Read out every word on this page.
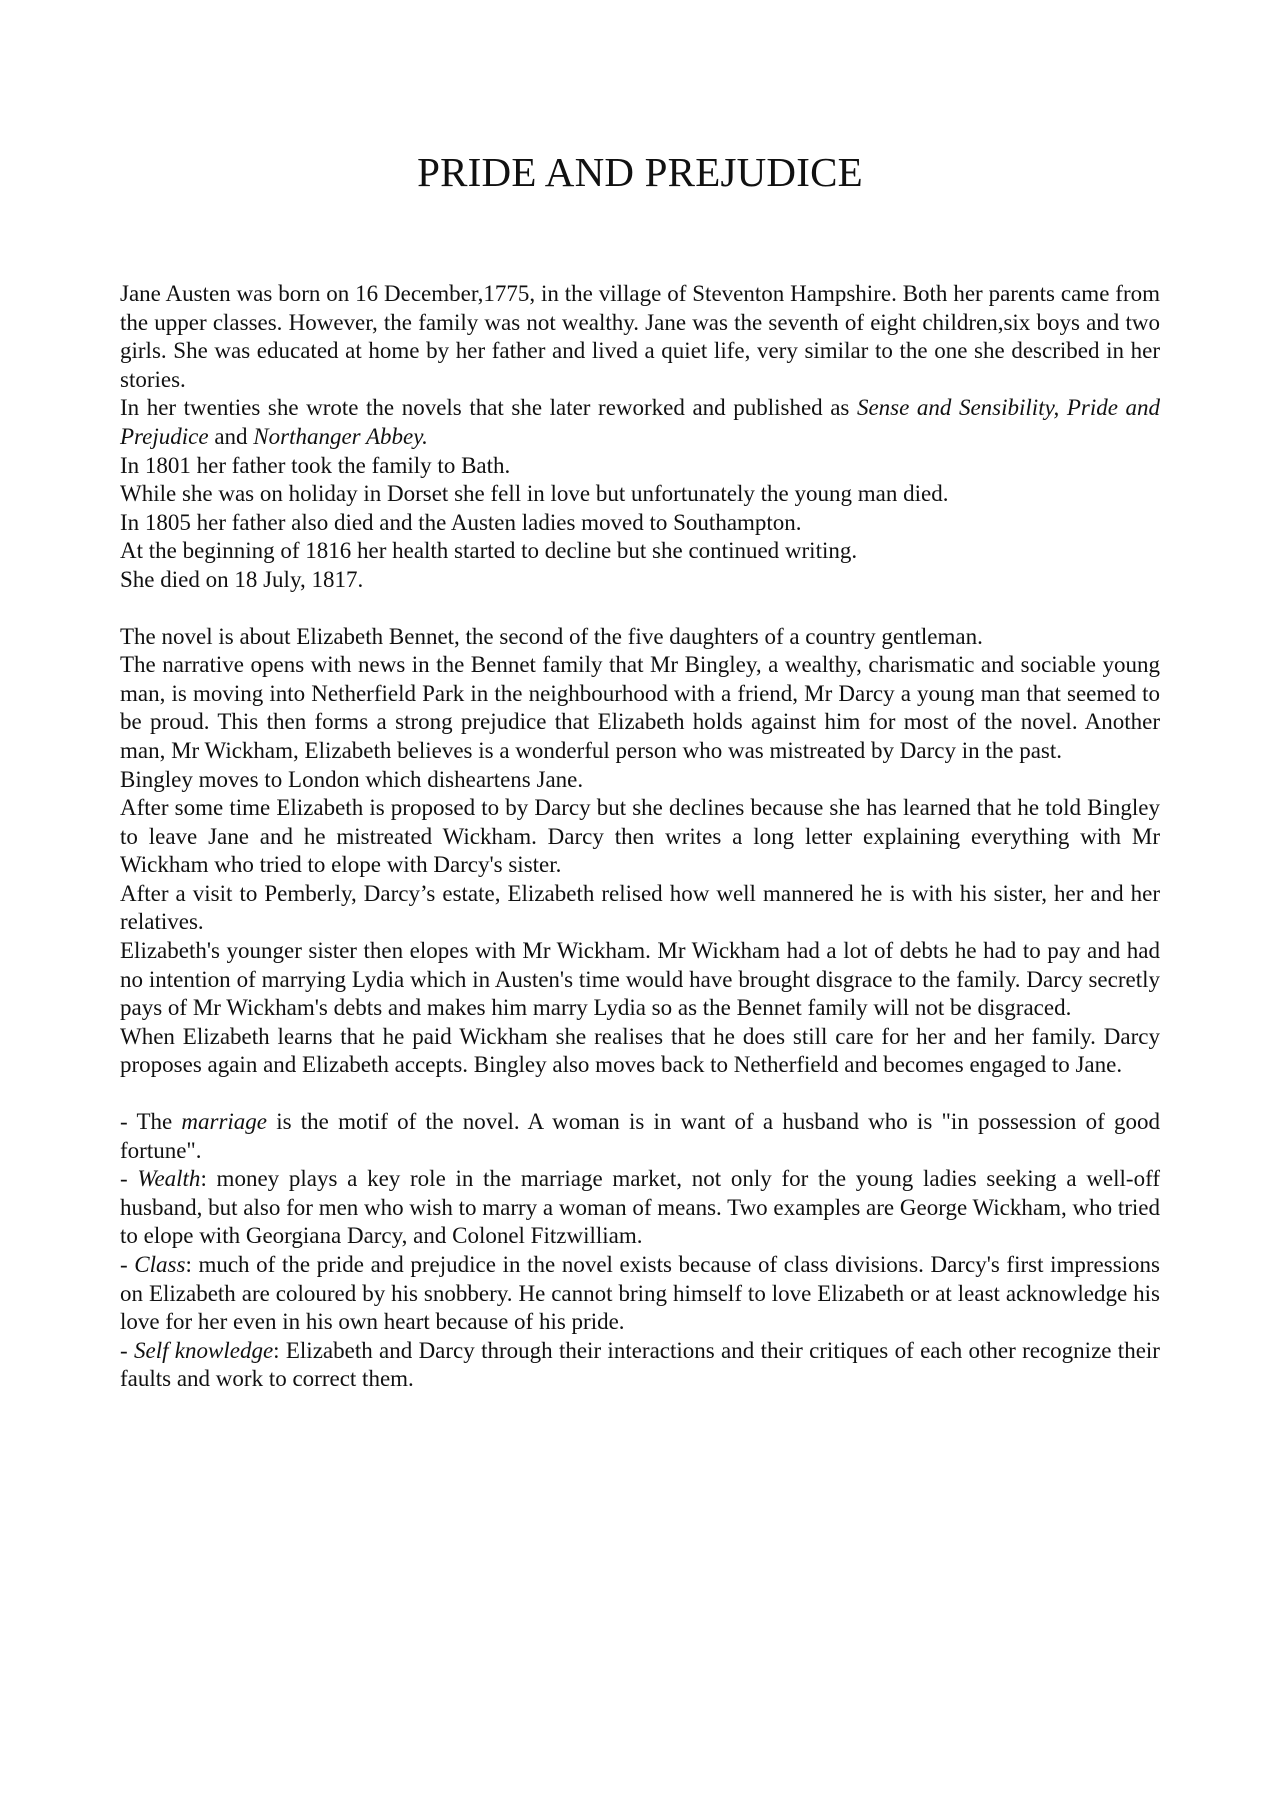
PRIDE AND PREJUDICE

Jane Austen was born on 16 December,1775, in the village of Steventon Hampshire. Both her parents came from the upper classes. However, the family was not wealthy. Jane was the seventh of eight children,six boys and two girls. She was educated at home by her father and lived a quiet life, very similar to the one she described in her stories.

In her twenties she wrote the novels that she later reworked and published as Sense and Sensibility, Pride and Prejudice and Northanger Abbey.

In 1801 her father took the family to Bath.

While she was on holiday in Dorset she fell in love but unfortunately the young man died.

In 1805 her father also died and the Austen ladies moved to Southampton.

At the beginning of 1816 her health started to decline but she continued writing.

She died on 18 July, 1817.

The novel is about Elizabeth Bennet, the second of the five daughters of a country gentleman.

The narrative opens with news in the Bennet family that Mr Bingley, a wealthy, charismatic and sociable young man, is moving into Netherfield Park in the neighbourhood with a friend, Mr Darcy a young man that seemed to be proud. This then forms a strong prejudice that Elizabeth holds against him for most of the novel. Another man, Mr Wickham, Elizabeth believes is a wonderful person who was mistreated by Darcy in the past.

Bingley moves to London which disheartens Jane.

After some time Elizabeth is proposed to by Darcy but she declines because she has learned that he told Bingley to leave Jane and he mistreated Wickham. Darcy then writes a long letter explaining everything with Mr Wickham who tried to elope with Darcy's sister.

After a visit to Pemberly, Darcy’s estate, Elizabeth relised how well mannered he is with his sister, her and her relatives.

Elizabeth's younger sister then elopes with Mr Wickham. Mr Wickham had a lot of debts he had to pay and had no intention of marrying Lydia which in Austen's time would have brought disgrace to the family. Darcy secretly pays of Mr Wickham's debts and makes him marry Lydia so as the Bennet family will not be disgraced.

When Elizabeth learns that he paid Wickham she realises that he does still care for her and her family. Darcy proposes again and Elizabeth accepts. Bingley also moves back to Netherfield and becomes engaged to Jane.

- The marriage is the motif of the novel. A woman is in want of a husband who is "in possession of good fortune".

- Wealth: money plays a key role in the marriage market, not only for the young ladies seeking a well-off husband, but also for men who wish to marry a woman of means. Two examples are George Wickham, who tried to elope with Georgiana Darcy, and Colonel Fitzwilliam.

- Class: much of the pride and prejudice in the novel exists because of class divisions. Darcy's first impressions on Elizabeth are coloured by his snobbery. He cannot bring himself to love Elizabeth or at least acknowledge his love for her even in his own heart because of his pride.

- Self knowledge: Elizabeth and Darcy through their interactions and their critiques of each other recognize their faults and work to correct them.
